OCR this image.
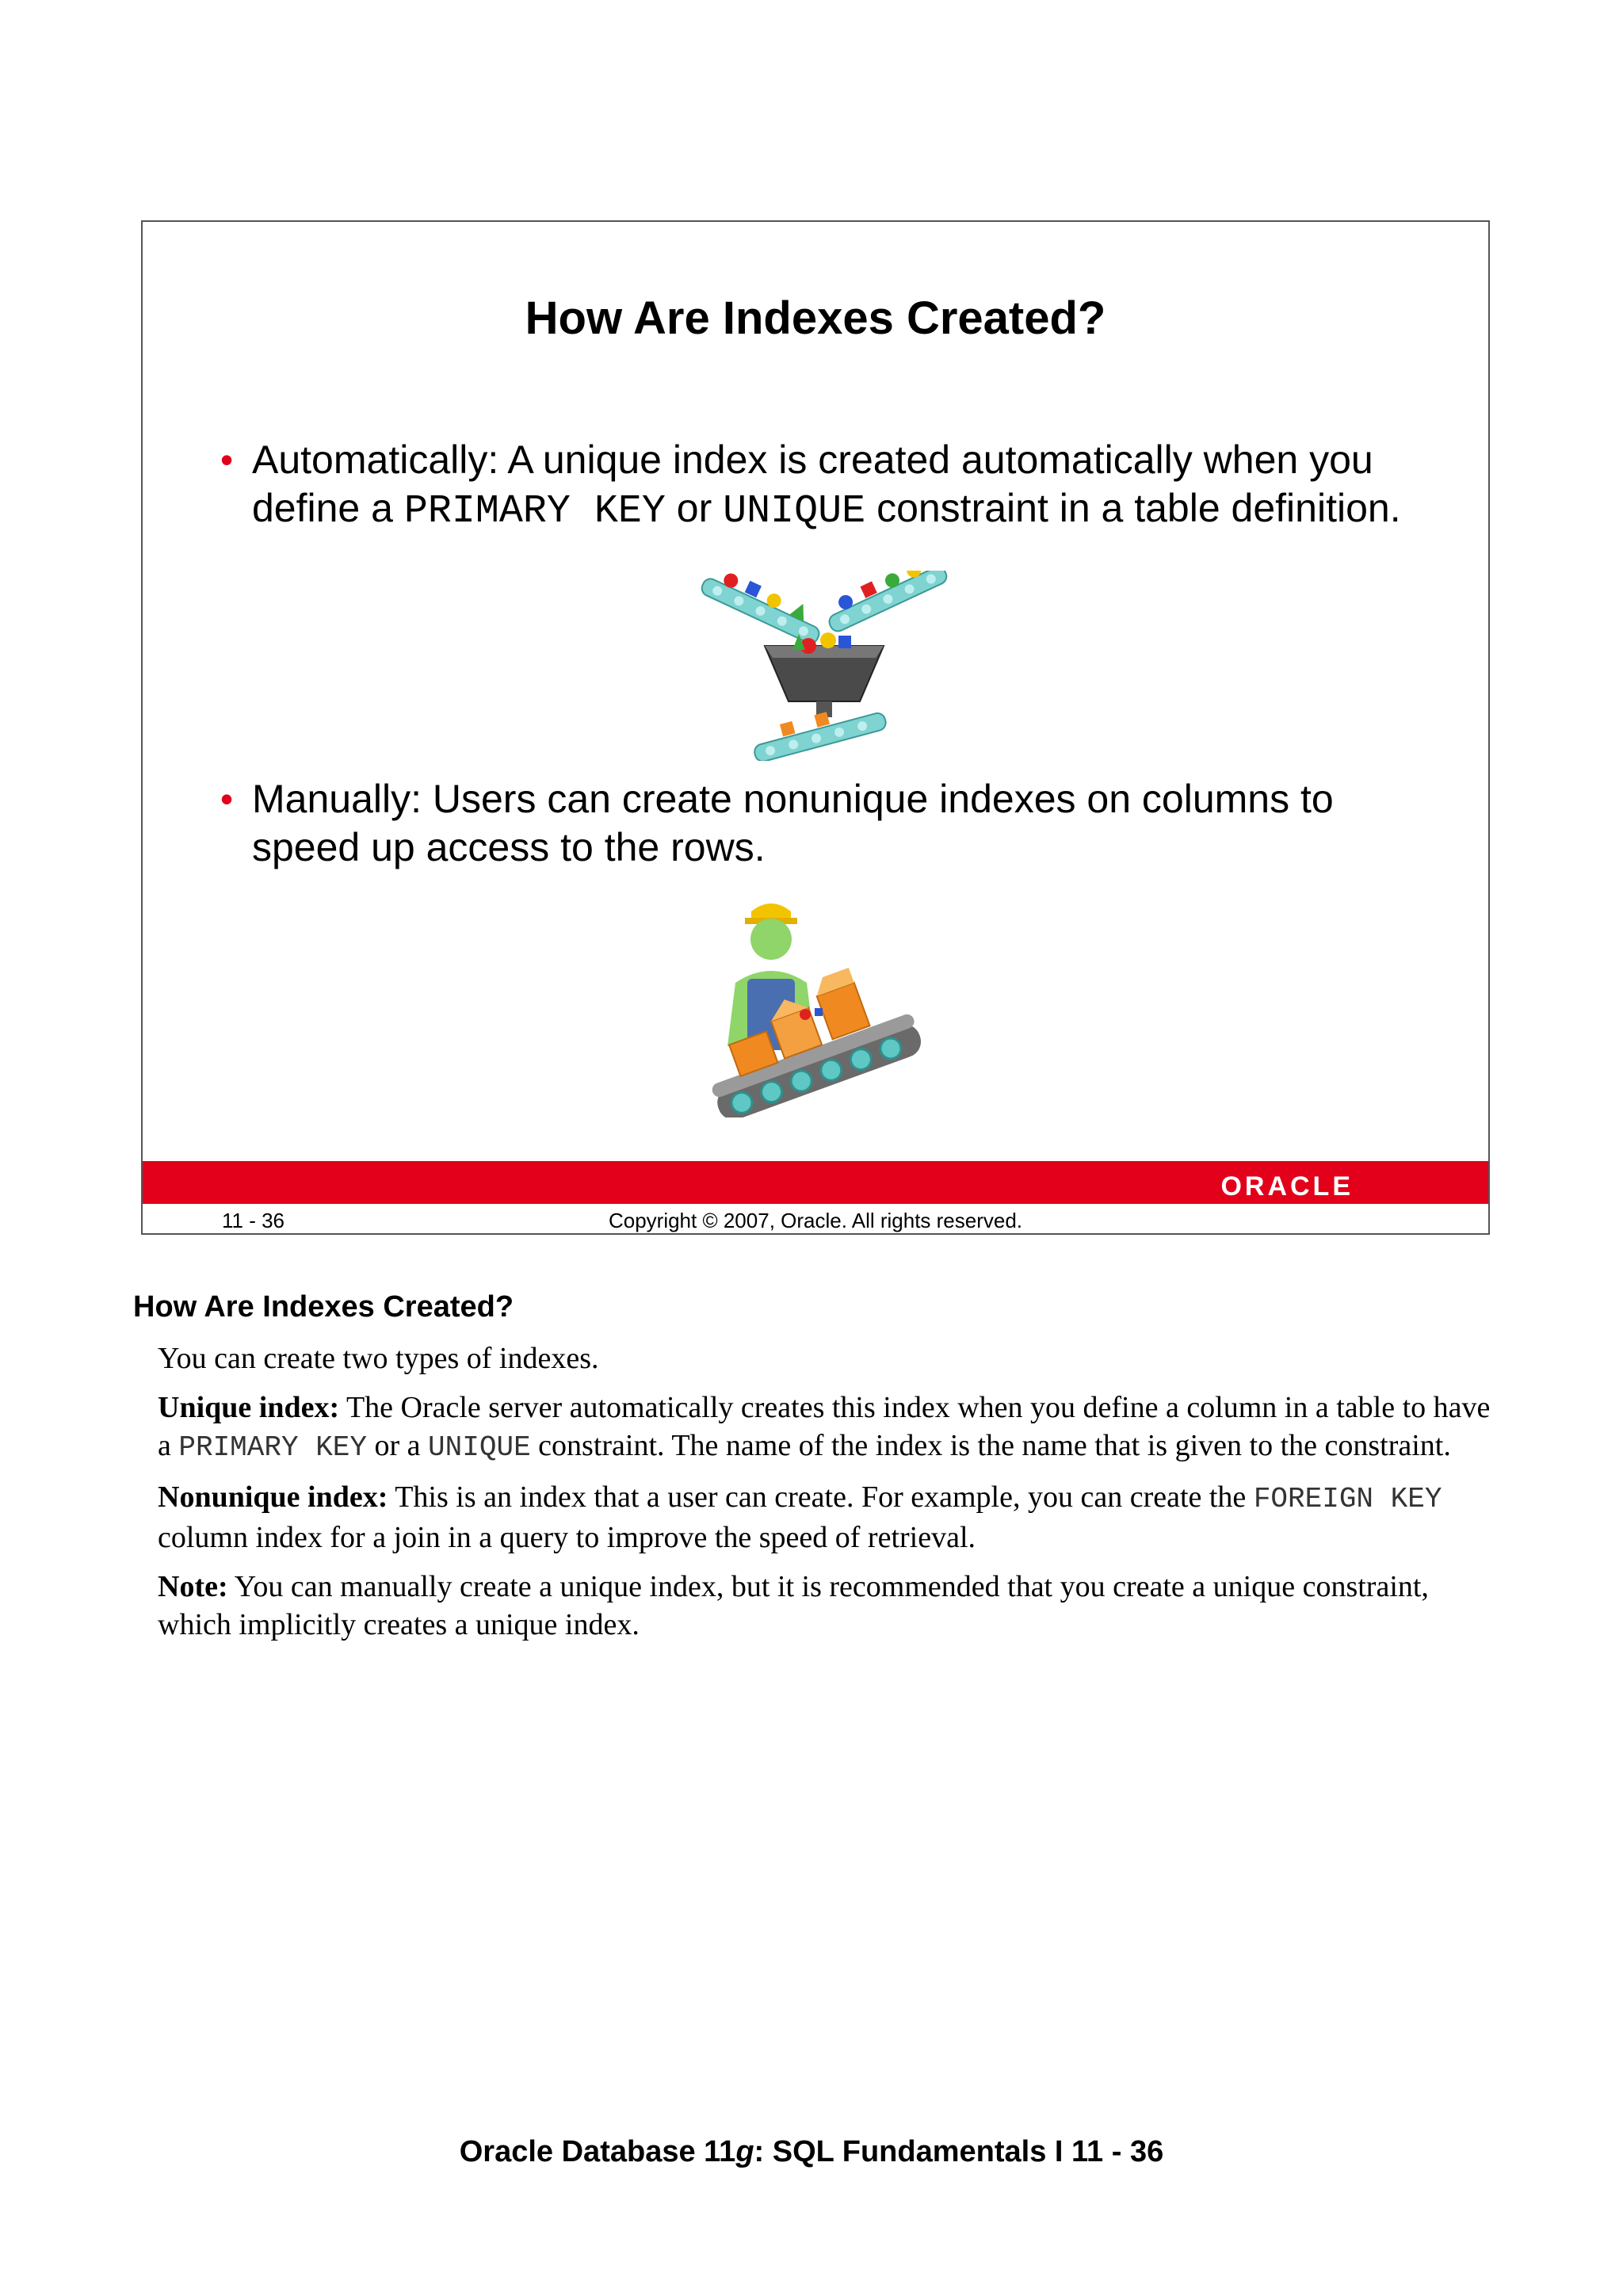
How Are Indexes Created?
• Automatically: A unique index is created automatically when you define a PRIMARY KEY or UNIQUE constraint in a table definition.
• Manually: Users can create nonunique indexes on columns to speed up access to the rows.
ORACLE
11 - 36	Copyright © 2007, Oracle. All rights reserved.
How Are Indexes Created?

You can create two types of indexes.

Unique index: The Oracle server automatically creates this index when you define a column in a table to have a PRIMARY KEY or a UNIQUE constraint. The name of the index is the name that is given to the constraint.

Nonunique index: This is an index that a user can create. For example, you can create the FOREIGN KEY column index for a join in a query to improve the speed of retrieval.

Note: You can manually create a unique index, but it is recommended that you create a unique constraint, which implicitly creates a unique index.

Oracle Database 11g: SQL Fundamentals I 11 - 36
